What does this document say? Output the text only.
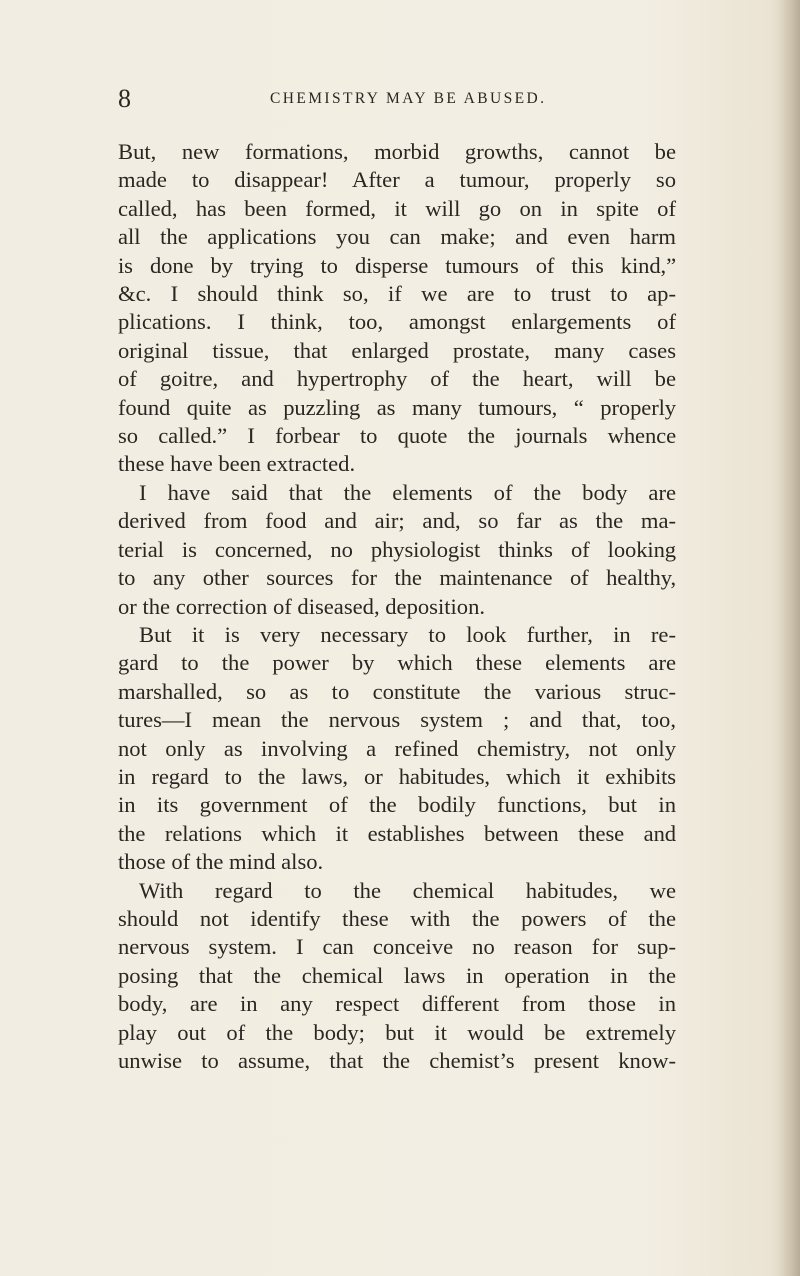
8	CHEMISTRY MAY BE ABUSED.
But, new formations, morbid growths, cannot be
made to disappear! After a tumour, properly so
called, has been formed, it will go on in spite of
all the applications you can make; and even harm
is done by trying to disperse tumours of this kind,”
&c. I should think so, if we are to trust to ap-
plications. I think, too, amongst enlargements of
original tissue, that enlarged prostate, many cases
of goitre, and hypertrophy of the heart, will be
found quite as puzzling as many tumours, “ properly
so called.” I forbear to quote the journals whence
these have been extracted.
I have said that the elements of the body are
derived from food and air; and, so far as the ma-
terial is concerned, no physiologist thinks of looking
to any other sources for the maintenance of healthy,
or the correction of diseased, deposition.
But it is very necessary to look further, in re-
gard to the power by which these elements are
marshalled, so as to constitute the various struc-
tures—I mean the nervous system ; and that, too,
not only as involving a refined chemistry, not only
in regard to the laws, or habitudes, which it exhibits
in its government of the bodily functions, but in
the relations which it establishes between these and
those of the mind also.
With regard to the chemical habitudes, we
should not identify these with the powers of the
nervous system. I can conceive no reason for sup-
posing that the chemical laws in operation in the
body, are in any respect different from those in
play out of the body; but it would be extremely
unwise to assume, that the chemist’s present know-
